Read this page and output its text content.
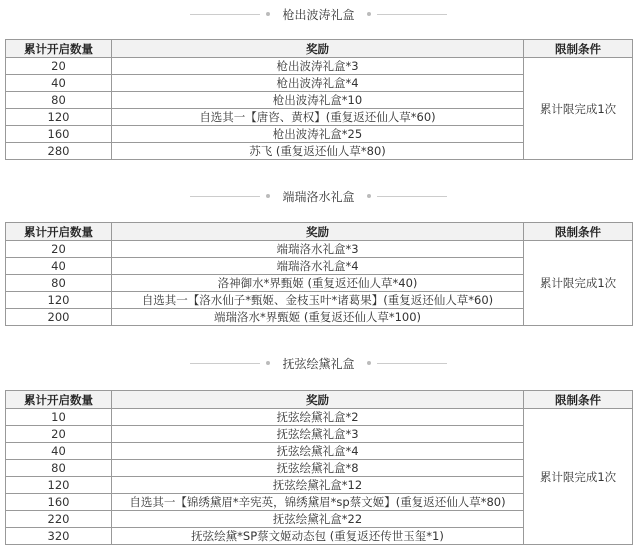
枪出波涛礼盒
累计开启数量	奖励	限制条件
20	枪出波涛礼盒*3	累计限完成1次
40	枪出波涛礼盒*4	
80	枪出波涛礼盒*10	
120	自选其一【唐咨、黄权】(重复返还仙人草*60)	
160	枪出波涛礼盒*25	
280	苏飞 (重复返还仙人草*80)	
端瑞洛水礼盒
累计开启数量	奖励	限制条件
20	端瑞洛水礼盒*3	累计限完成1次
40	端瑞洛水礼盒*4	
80	洛神御水*界甄姬 (重复返还仙人草*40)	
120	自选其一【洛水仙子*甄姬、金枝玉叶*诸葛果】(重复返还仙人草*60)	
200	端瑞洛水*界甄姬 (重复返还仙人草*100)	
抚弦绘黛礼盒
累计开启数量	奖励	限制条件
10	抚弦绘黛礼盒*2	累计限完成1次
20	抚弦绘黛礼盒*3	
40	抚弦绘黛礼盒*4	
80	抚弦绘黛礼盒*8	
120	抚弦绘黛礼盒*12	
160	自选其一【锦绣黛眉*辛宪英，锦绣黛眉*sp蔡文姬】(重复返还仙人草*80)	
220	抚弦绘黛礼盒*22	
320	抚弦绘黛*SP蔡文姬动态包 (重复返还传世玉玺*1)	
